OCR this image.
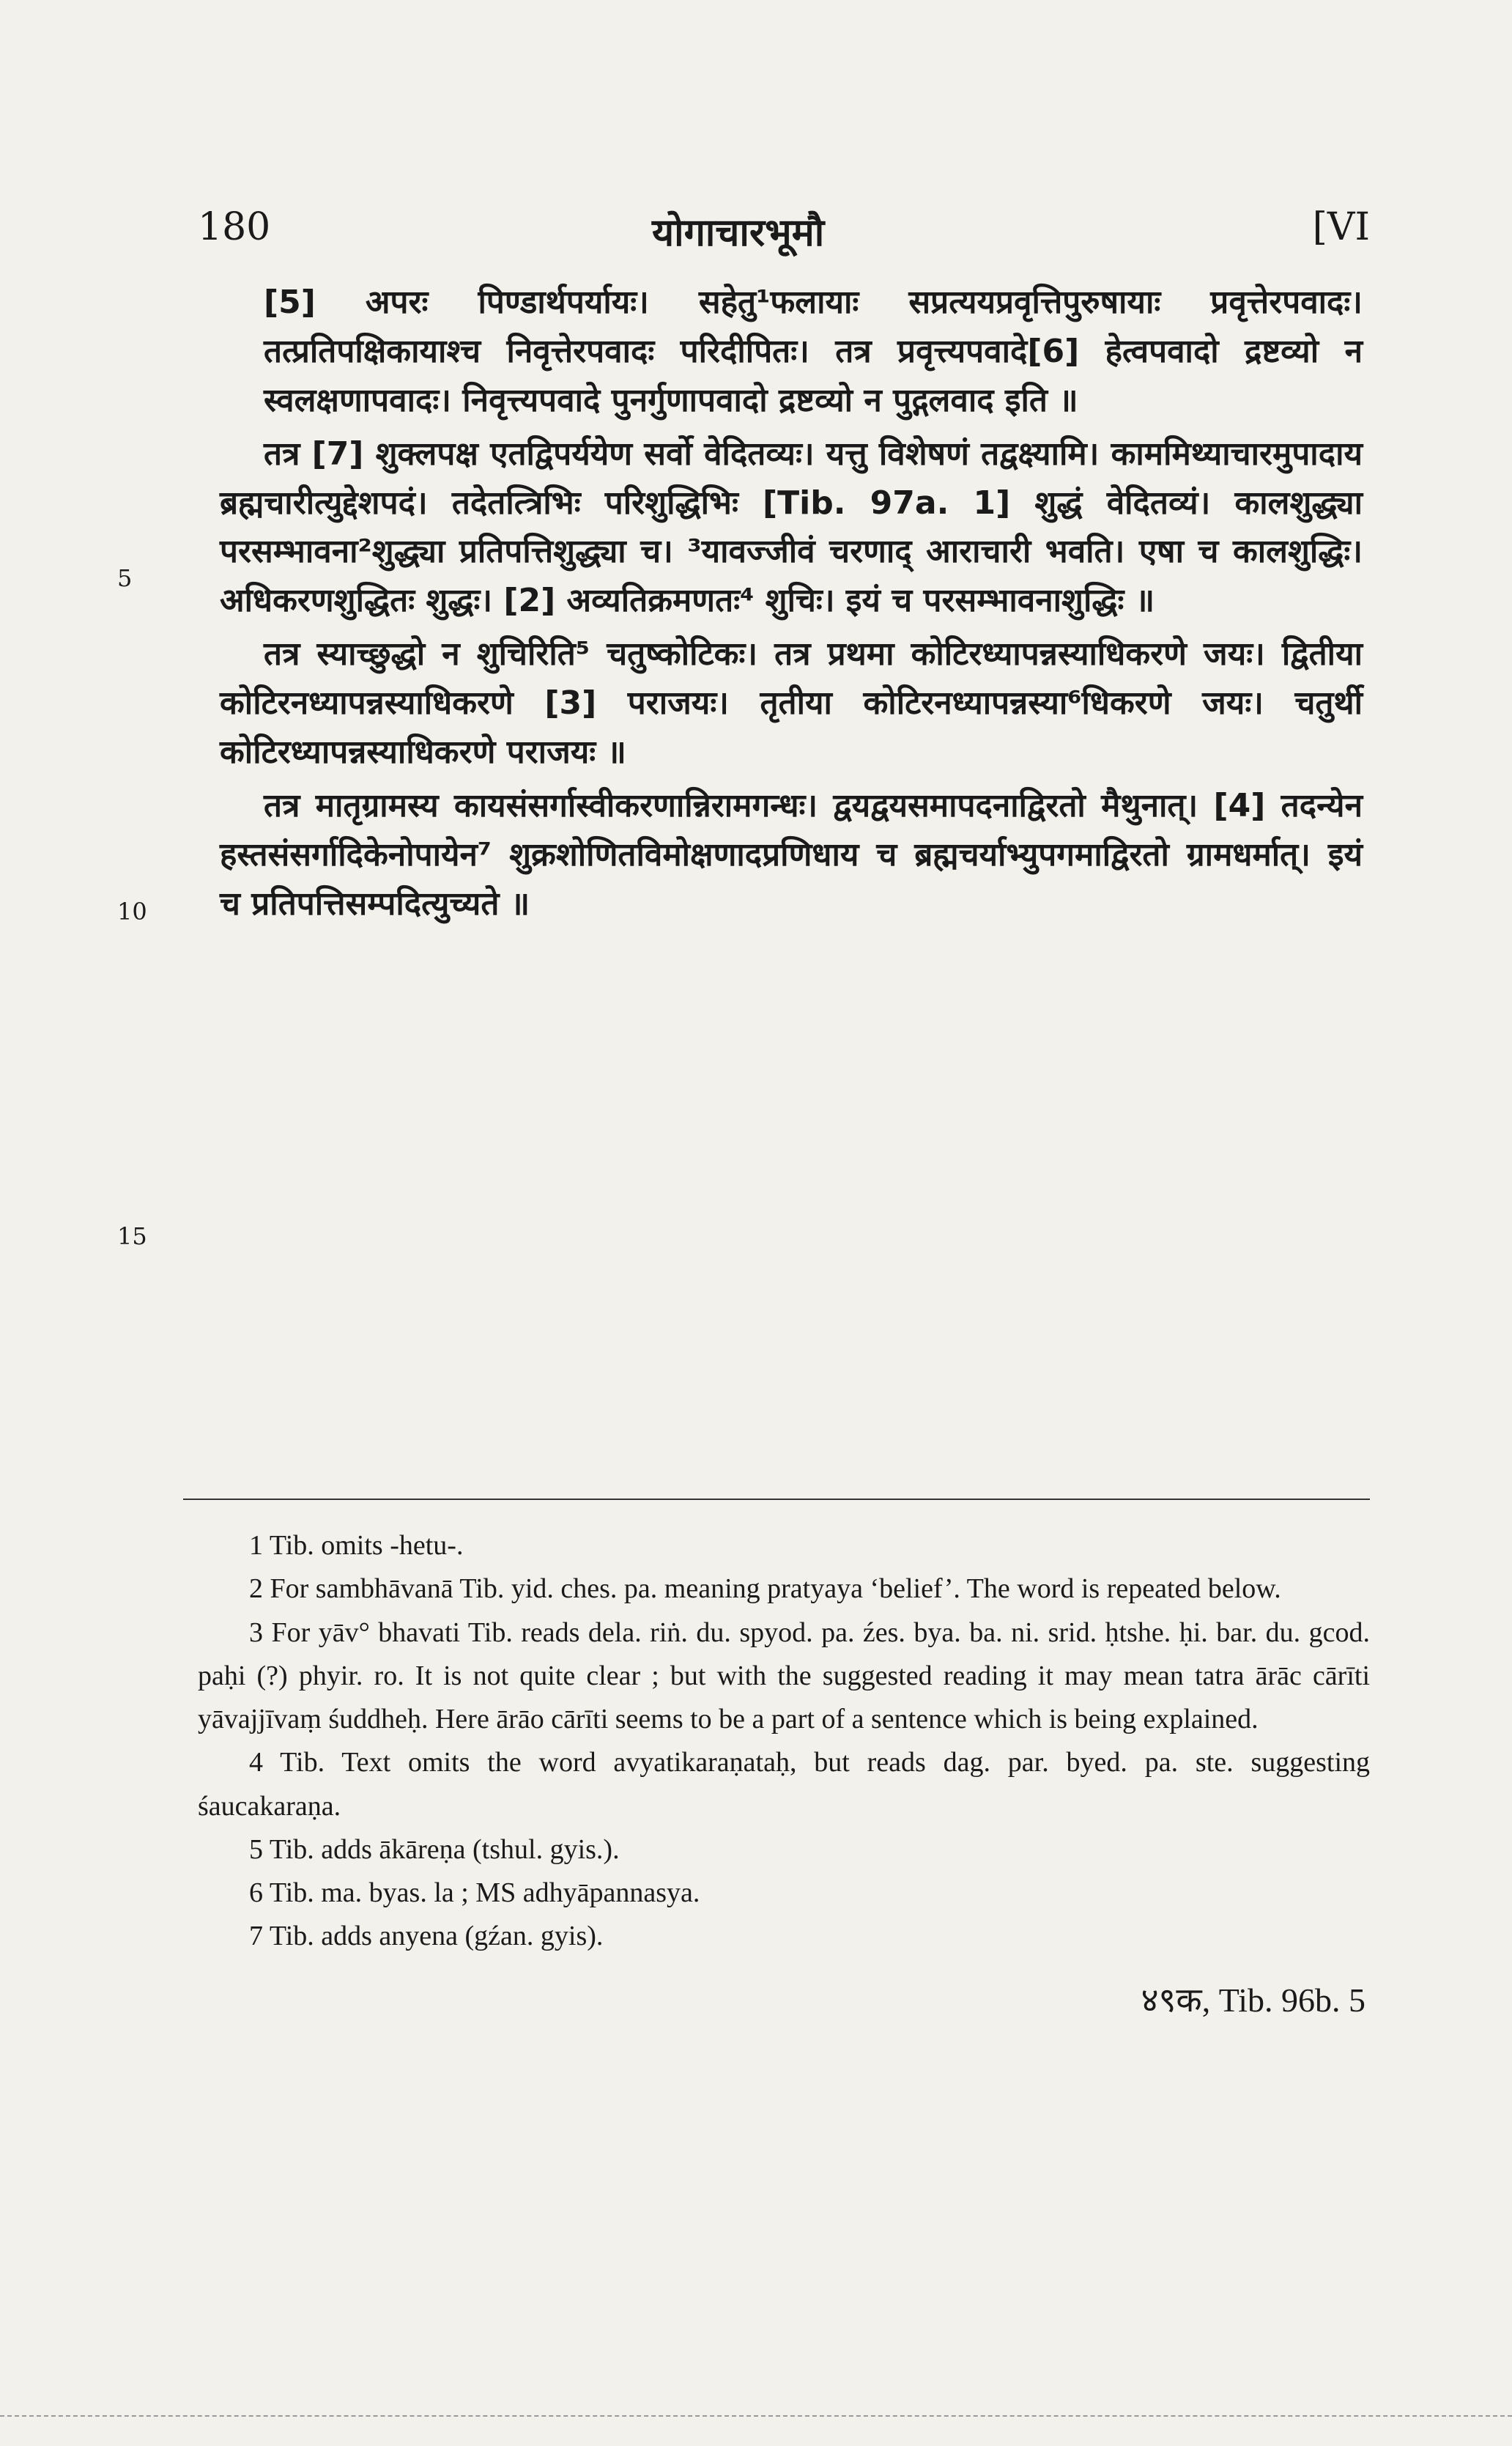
180	योगाचारभूमौ	[VI
5
10
15

[5] अपरः पिण्डार्थपर्यायः। सहेतु¹फलायाः सप्रत्ययप्रवृत्तिपुरुषायाः प्रवृत्तेरपवादः। तत्प्रतिपक्षिकायाश्च निवृत्तेरपवादः परिदीपितः। तत्र प्रवृत्त्यपवादे[6] हेत्वपवादो द्रष्टव्यो न स्वलक्षणापवादः। निवृत्त्यपवादे पुनर्गुणापवादो द्रष्टव्यो न पुद्गलवाद इति ॥

तत्र [7] शुक्लपक्ष एतद्विपर्ययेण सर्वो वेदितव्यः। यत्तु विशेषणं तद्वक्ष्यामि। काममिथ्याचारमुपादाय ब्रह्मचारीत्युद्देशपदं। तदेतत्त्रिभिः परिशुद्धिभिः [Tib. 97a. 1] शुद्धं वेदितव्यं। कालशुद्ध्या परसम्भावना²शुद्ध्या प्रतिपत्तिशुद्ध्या च। ³यावज्जीवं चरणाद् आराचारी भवति। एषा च कालशुद्धिः। अधिकरणशुद्धितः शुद्धः। [2] अव्यतिक्रमणतः⁴ शुचिः। इयं च परसम्भावनाशुद्धिः ॥

तत्र स्याच्छुद्धो न शुचिरिति⁵ चतुष्कोटिकः। तत्र प्रथमा कोटिरध्यापन्नस्याधिकरणे जयः। द्वितीया कोटिरनध्यापन्नस्याधिकरणे [3] पराजयः। तृतीया कोटिरनध्यापन्नस्या⁶धिकरणे जयः। चतुर्थी कोटिरध्यापन्नस्याधिकरणे पराजयः ॥

तत्र मातृग्रामस्य कायसंसर्गास्वीकरणान्निरामगन्धः। द्वयद्वयसमापदनाद्विरतो मैथुनात्। [4] तदन्येन हस्तसंसर्गादिकेनोपायेन⁷ शुक्रशोणितविमोक्षणादप्रणिधाय च ब्रह्मचर्याभ्युपगमाद्विरतो ग्रामधर्मात्। इयं च प्रतिपत्तिसम्पदित्युच्यते ॥

1 Tib. omits -hetu-.

2 For sambhāvanā Tib. yid. ches. pa. meaning pratyaya ‘belief’. The word is repeated below.

3 For yāv° bhavati Tib. reads dela. riṅ. du. spyod. pa. źes. bya. ba. ni. srid. ḥtshe. ḥi. bar. du. gcod. paḥi (?) phyir. ro. It is not quite clear ; but with the suggested reading it may mean tatra ārāc cārīti yāvajjīvaṃ śuddheḥ. Here ārāo cārīti seems to be a part of a sentence which is being explained.

4 Tib. Text omits the word avyatikaraṇataḥ, but reads dag. par. byed. pa. ste. suggesting śaucakaraṇa.

5 Tib. adds ākāreṇa (tshul. gyis.).

6 Tib. ma. byas. la ; MS adhyāpannasya.

7 Tib. adds anyena (gźan. gyis).

४९क, Tib. 96b. 5
